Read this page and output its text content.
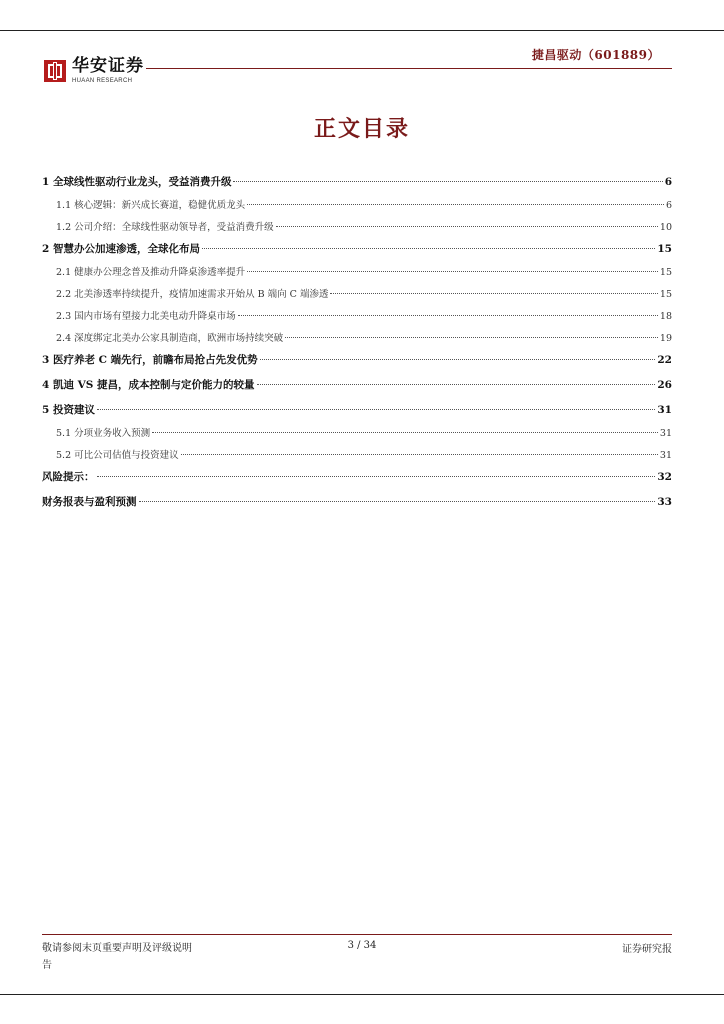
华安证券
HUAAN RESEARCH
捷昌驱动（601889）
正文目录
1 全球线性驱动行业龙头，受益消费升级	6
1.1 核心逻辑：新兴成长赛道，稳健优质龙头	6
1.2 公司介绍：全球线性驱动领导者，受益消费升级	10
2 智慧办公加速渗透，全球化布局	15
2.1 健康办公理念普及推动升降桌渗透率提升	15
2.2 北美渗透率持续提升，疫情加速需求开始从 B 端向 C 端渗透	15
2.3 国内市场有望接力北美电动升降桌市场	18
2.4 深度绑定北美办公家具制造商，欧洲市场持续突破	19
3 医疗养老 C 端先行，前瞻布局抢占先发优势	22
4 凯迪 VS 捷昌，成本控制与定价能力的较量	26
5 投资建议	31
5.1 分项业务收入预测	31
5.2 可比公司估值与投资建议	31
风险提示：	32
财务报表与盈利预测	33
敬请参阅末页重要声明及评级说明
告
3 / 34	证券研究报
